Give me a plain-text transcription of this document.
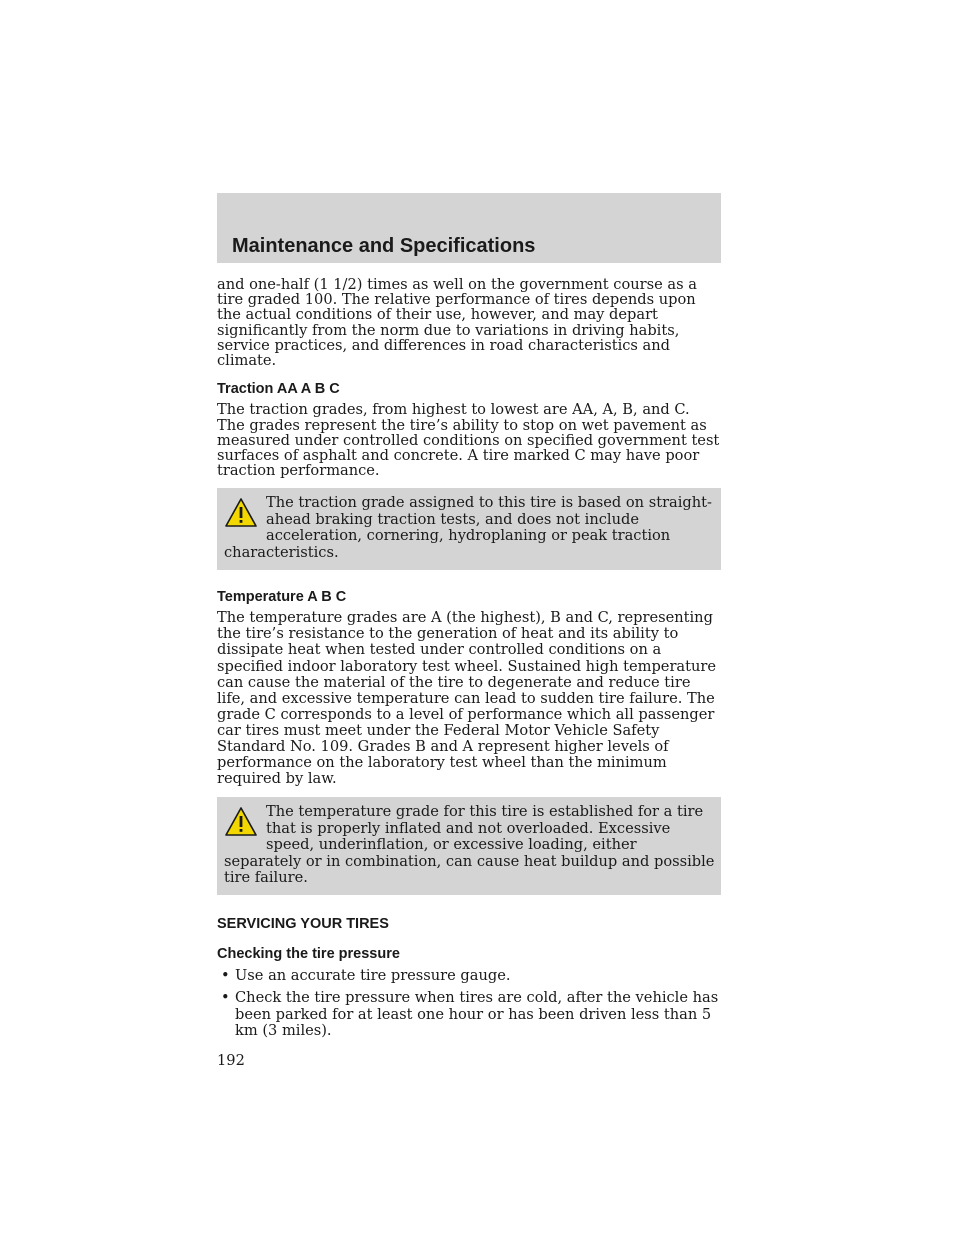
Maintenance and Specifications

and one-half (1 1/2) times as well on the government course as a tire graded 100. The relative performance of tires depends upon the actual conditions of their use, however, and may depart significantly from the norm due to variations in driving habits, service practices, and differences in road characteristics and climate.

Traction AA A B C

The traction grades, from highest to lowest are AA, A, B, and C. The grades represent the tire’s ability to stop on wet pavement as measured under controlled conditions on specified government test surfaces of asphalt and concrete. A tire marked C may have poor traction performance.

The traction grade assigned to this tire is based on straight-ahead braking traction tests, and does not include acceleration, cornering, hydroplaning or peak traction characteristics.
Temperature A B C

The temperature grades are A (the highest), B and C, representing the tire’s resistance to the generation of heat and its ability to dissipate heat when tested under controlled conditions on a specified indoor laboratory test wheel. Sustained high temperature can cause the material of the tire to degenerate and reduce tire life, and excessive temperature can lead to sudden tire failure. The grade C corresponds to a level of performance which all passenger car tires must meet under the Federal Motor Vehicle Safety Standard No. 109. Grades B and A represent higher levels of performance on the laboratory test wheel than the minimum required by law.

The temperature grade for this tire is established for a tire that is properly inflated and not overloaded. Excessive speed, underinflation, or excessive loading, either separately or in combination, can cause heat buildup and possible tire failure.
SERVICING YOUR TIRES
Checking the tire pressure
• Use an accurate tire pressure gauge.
• Check the tire pressure when tires are cold, after the vehicle has been parked for at least one hour or has been driven less than 5 km (3 miles).
192
